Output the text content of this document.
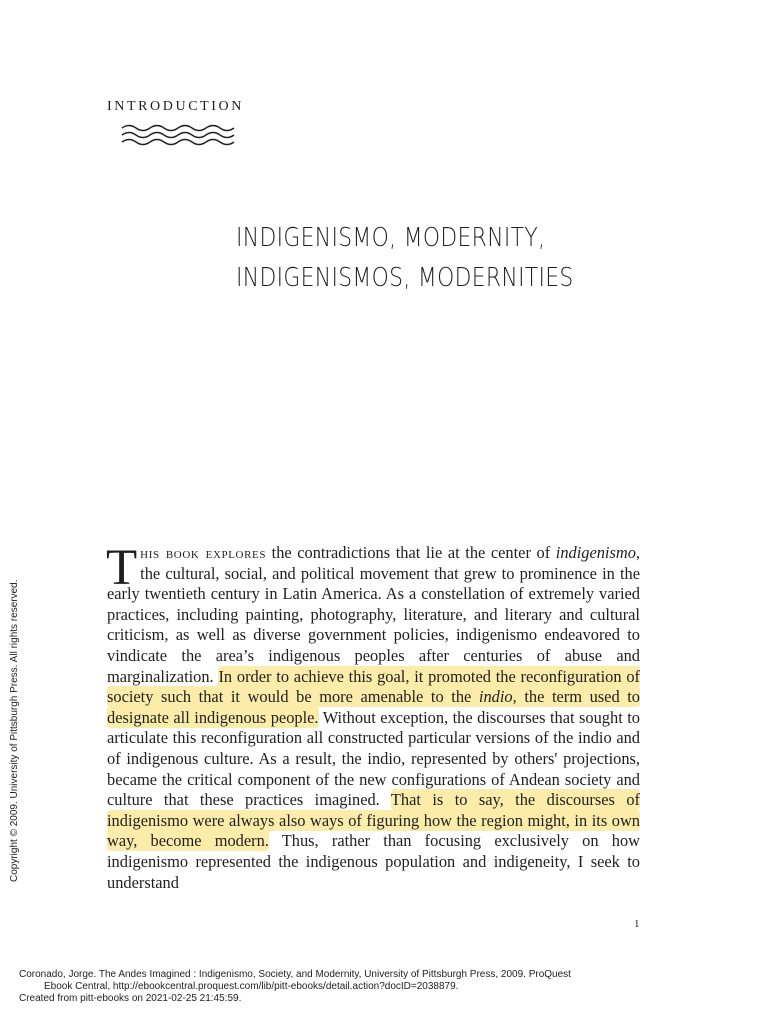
INTRODUCTION
INDIGENISMO, MODERNITY,
INDIGENISMOS, MODERNITIES
Copyright © 2009. University of Pittsburgh Press. All rights reserved.
This book explores the contradictions that lie at the center of indigenismo, the cultural, social, and political movement that grew to prominence in the early twentieth century in Latin America. As a constellation of extremely varied practices, including painting, photography, literature, and literary and cultural criticism, as well as diverse government policies, indigenismo endeavored to vindicate the area’s indigenous peoples after centuries of abuse and marginalization. In order to achieve this goal, it promoted the reconfiguration of society such that it would be more amenable to the indio, the term used to designate all indigenous people. Without exception, the discourses that sought to articulate this reconfiguration all constructed particular versions of the indio and of indigenous culture. As a result, the indio, represented by others' projections, became the critical component of the new configurations of Andean society and culture that these practices imagined. That is to say, the discourses of indigenismo were always also ways of figuring how the region might, in its own way, become modern. Thus, rather than focusing exclusively on how indigenismo represented the indigenous population and indigeneity, I seek to understand
1
Coronado, Jorge. The Andes Imagined : Indigenismo, Society, and Modernity, University of Pittsburgh Press, 2009. ProQuest
Ebook Central, http://ebookcentral.proquest.com/lib/pitt-ebooks/detail.action?docID=2038879.
Created from pitt-ebooks on 2021-02-25 21:45:59.
